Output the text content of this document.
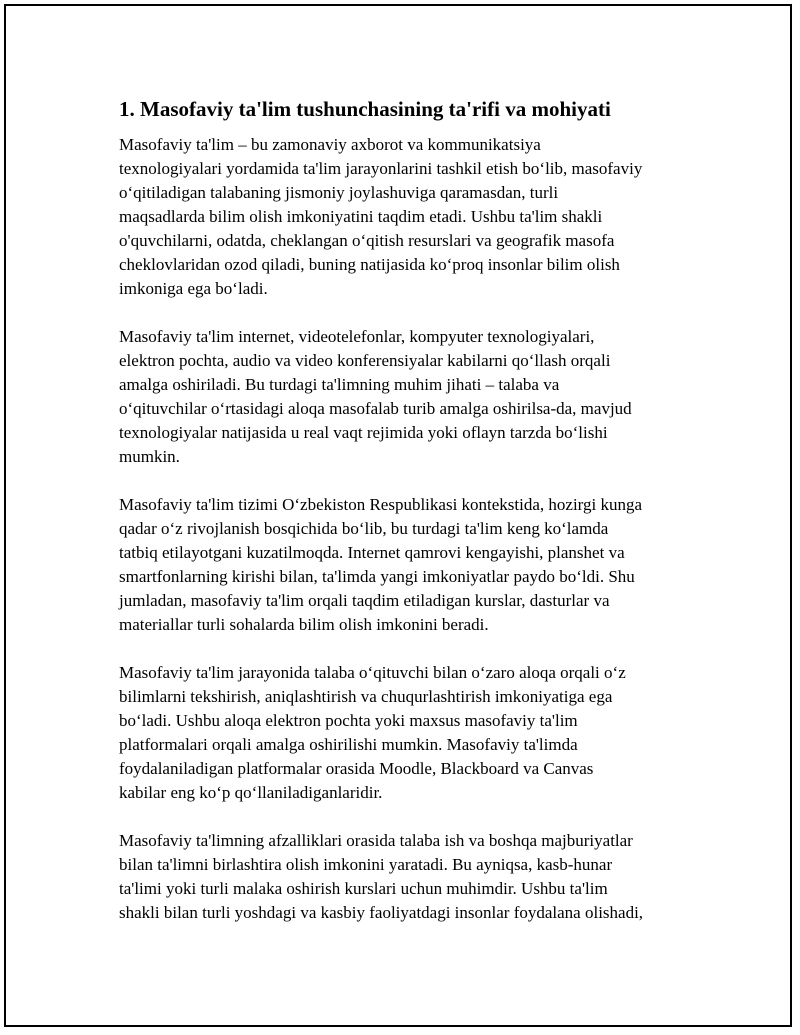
1. Masofaviy ta'lim tushunchasining ta'rifi va mohiyati
Masofaviy ta'lim – bu zamonaviy axborot va kommunikatsiya
texnologiyalari yordamida ta'lim jarayonlarini tashkil etish bo‘lib, masofaviy
o‘qitiladigan talabaning jismoniy joylashuviga qaramasdan, turli
maqsadlarda bilim olish imkoniyatini taqdim etadi. Ushbu ta'lim shakli
o'quvchilarni, odatda, cheklangan o‘qitish resurslari va geografik masofa
cheklovlaridan ozod qiladi, buning natijasida ko‘proq insonlar bilim olish
imkoniga ega bo‘ladi.
Masofaviy ta'lim internet, videotelefonlar, kompyuter texnologiyalari,
elektron pochta, audio va video konferensiyalar kabilarni qo‘llash orqali
amalga oshiriladi. Bu turdagi ta'limning muhim jihati – talaba va
o‘qituvchilar o‘rtasidagi aloqa masofalab turib amalga oshirilsa-da, mavjud
texnologiyalar natijasida u real vaqt rejimida yoki oflayn tarzda bo‘lishi
mumkin.
Masofaviy ta'lim tizimi O‘zbekiston Respublikasi kontekstida, hozirgi kunga
qadar o‘z rivojlanish bosqichida bo‘lib, bu turdagi ta'lim keng ko‘lamda
tatbiq etilayotgani kuzatilmoqda. Internet qamrovi kengayishi, planshet va
smartfonlarning kirishi bilan, ta'limda yangi imkoniyatlar paydo bo‘ldi. Shu
jumladan, masofaviy ta'lim orqali taqdim etiladigan kurslar, dasturlar va
materiallar turli sohalarda bilim olish imkonini beradi.
Masofaviy ta'lim jarayonida talaba o‘qituvchi bilan o‘zaro aloqa orqali o‘z
bilimlarni tekshirish, aniqlashtirish va chuqurlashtirish imkoniyatiga ega
bo‘ladi. Ushbu aloqa elektron pochta yoki maxsus masofaviy ta'lim
platformalari orqali amalga oshirilishi mumkin. Masofaviy ta'limda
foydalaniladigan platformalar orasida Moodle, Blackboard va Canvas
kabilar eng ko‘p qo‘llaniladiganlaridir.
Masofaviy ta'limning afzalliklari orasida talaba ish va boshqa majburiyatlar
bilan ta'limni birlashtira olish imkonini yaratadi. Bu ayniqsa, kasb-hunar
ta'limi yoki turli malaka oshirish kurslari uchun muhimdir. Ushbu ta'lim
shakli bilan turli yoshdagi va kasbiy faoliyatdagi insonlar foydalana olishadi,
